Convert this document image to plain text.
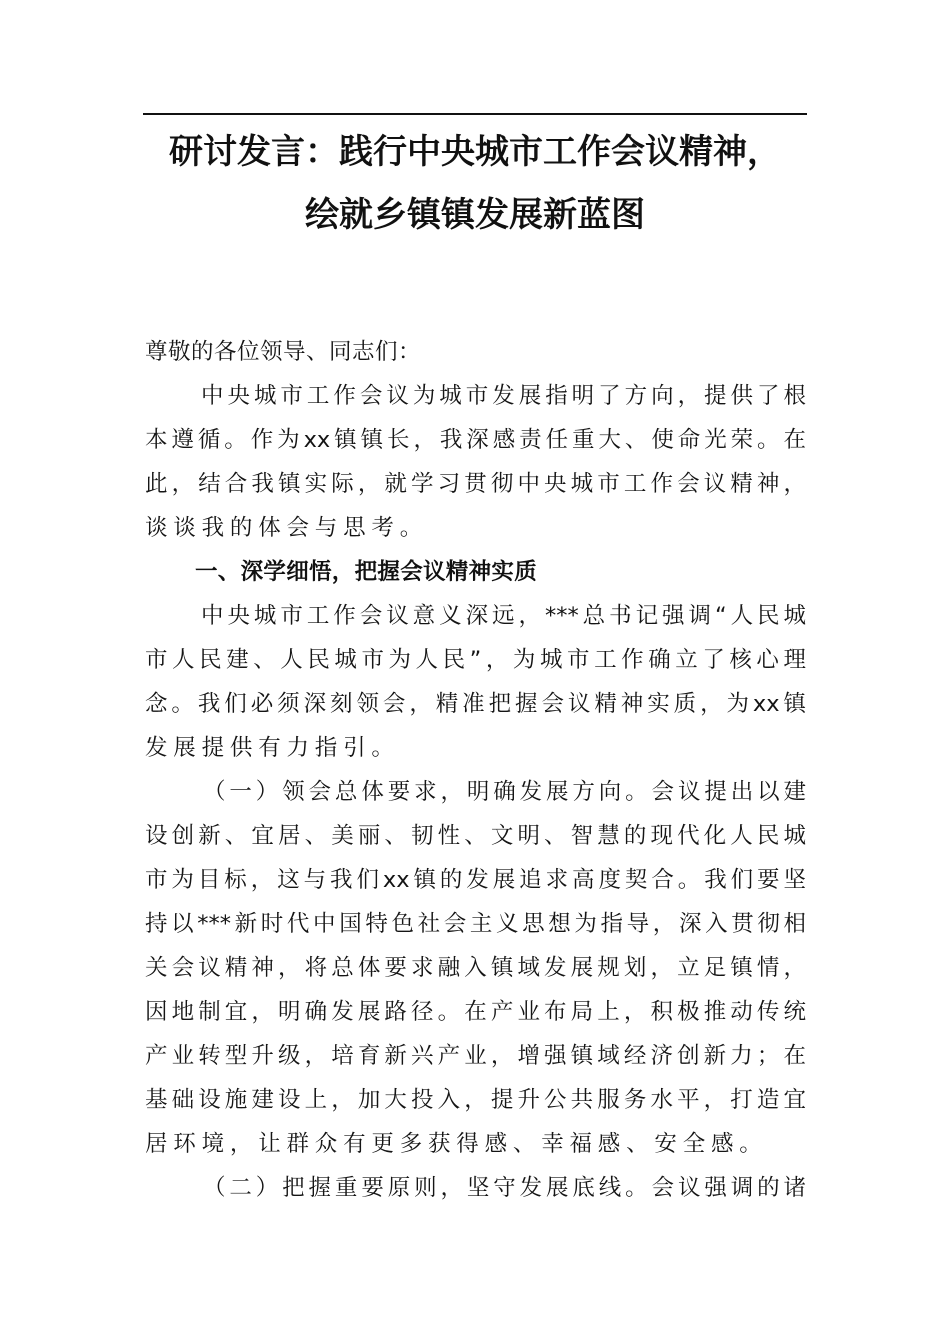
研讨发言：践行中央城市工作会议精神，
绘就乡镇镇发展新蓝图
尊敬的各位领导、同志们：
中央城市工作会议为城市发展指明了方向，提供了根
本遵循。作为xx镇镇长，我深感责任重大、使命光荣。在
此，结合我镇实际，就学习贯彻中央城市工作会议精神，
谈谈我的体会与思考。
一、深学细悟，把握会议精神实质
中央城市工作会议意义深远，***总书记强调“人民城
市人民建、人民城市为人民”，为城市工作确立了核心理
念。我们必须深刻领会，精准把握会议精神实质，为xx镇
发展提供有力指引。
（一）领会总体要求，明确发展方向。会议提出以建
设创新、宜居、美丽、韧性、文明、智慧的现代化人民城
市为目标，这与我们xx镇的发展追求高度契合。我们要坚
持以***新时代中国特色社会主义思想为指导，深入贯彻相
关会议精神，将总体要求融入镇域发展规划，立足镇情，
因地制宜，明确发展路径。在产业布局上，积极推动传统
产业转型升级，培育新兴产业，增强镇域经济创新力；在
基础设施建设上，加大投入，提升公共服务水平，打造宜
居环境，让群众有更多获得感、幸福感、安全感。
（二）把握重要原则，坚守发展底线。会议强调的诸
